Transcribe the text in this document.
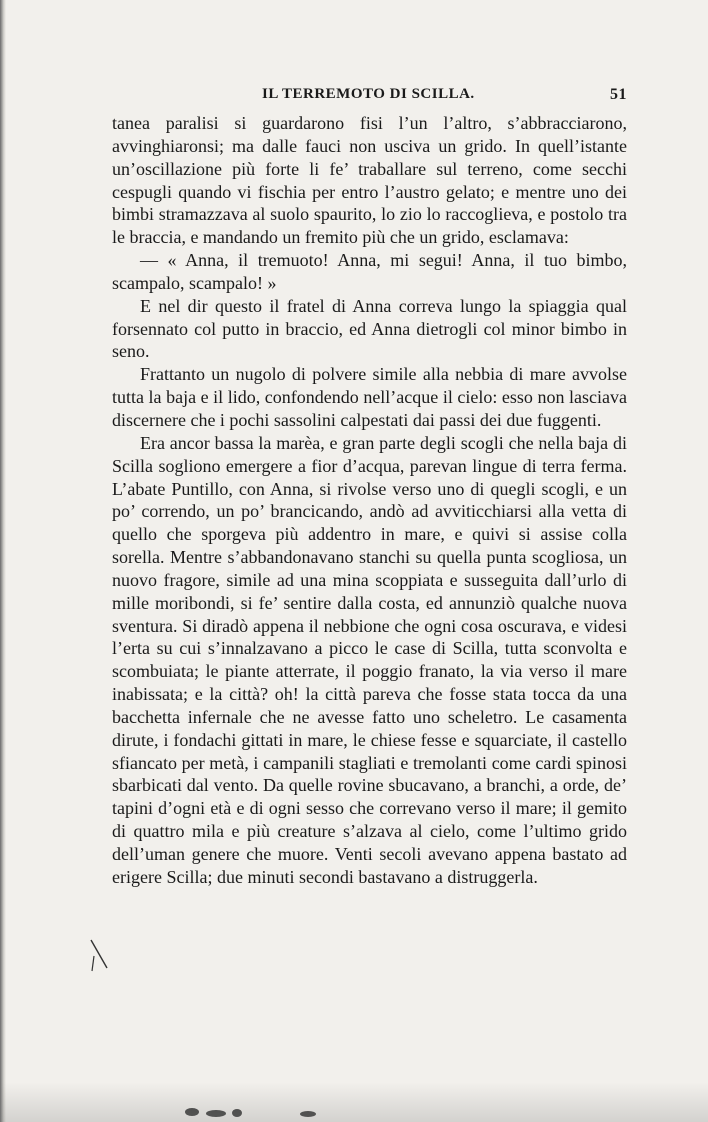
IL TERREMOTO DI SCILLA.	51

tanea paralisi si guardarono fisi l’un l’altro, s’abbracciarono, avvinghiaronsi; ma dalle fauci non usciva un grido. In quell’istante un’oscillazione più forte li fe’ traballare sul terreno, come secchi cespugli quando vi fischia per entro l’austro gelato; e mentre uno dei bimbi stramazzava al suolo spaurito, lo zio lo raccoglieva, e postolo tra le braccia, e mandando un fremito più che un grido, esclamava:

— « Anna, il tremuoto! Anna, mi segui! Anna, il tuo bimbo, scampalo, scampalo! »

E nel dir questo il fratel di Anna correva lungo la spiaggia qual forsennato col putto in braccio, ed Anna dietrogli col minor bimbo in seno.

Frattanto un nugolo di polvere simile alla nebbia di mare avvolse tutta la baja e il lido, confondendo nell’acque il cielo: esso non lasciava discernere che i pochi sassolini calpestati dai passi dei due fuggenti.

Era ancor bassa la marèa, e gran parte degli scogli che nella baja di Scilla sogliono emergere a fior d’acqua, parevan lingue di terra ferma. L’abate Puntillo, con Anna, si rivolse verso uno di quegli scogli, e un po’ correndo, un po’ brancicando, andò ad avviticchiarsi alla vetta di quello che sporgeva più addentro in mare, e quivi si assise colla sorella. Mentre s’abbandonavano stanchi su quella punta scogliosa, un nuovo fragore, simile ad una mina scoppiata e susseguita dall’urlo di mille moribondi, si fe’ sentire dalla costa, ed annunziò qualche nuova sventura. Si diradò appena il nebbione che ogni cosa oscurava, e videsi l’erta su cui s’innalzavano a picco le case di Scilla, tutta sconvolta e scombuiata; le piante atterrate, il poggio franato, la via verso il mare inabissata; e la città? oh! la città pareva che fosse stata tocca da una bacchetta infernale che ne avesse fatto uno scheletro. Le casamenta dirute, i fondachi gittati in mare, le chiese fesse e squarciate, il castello sfiancato per metà, i campanili stagliati e tremolanti come cardi spinosi sbarbicati dal vento. Da quelle rovine sbucavano, a branchi, a orde, de’ tapini d’ogni età e di ogni sesso che correvano verso il mare; il gemito di quattro mila e più creature s’alzava al cielo, come l’ultimo grido dell’uman genere che muore. Venti secoli avevano appena bastato ad erigere Scilla; due minuti secondi bastavano a distruggerla.
